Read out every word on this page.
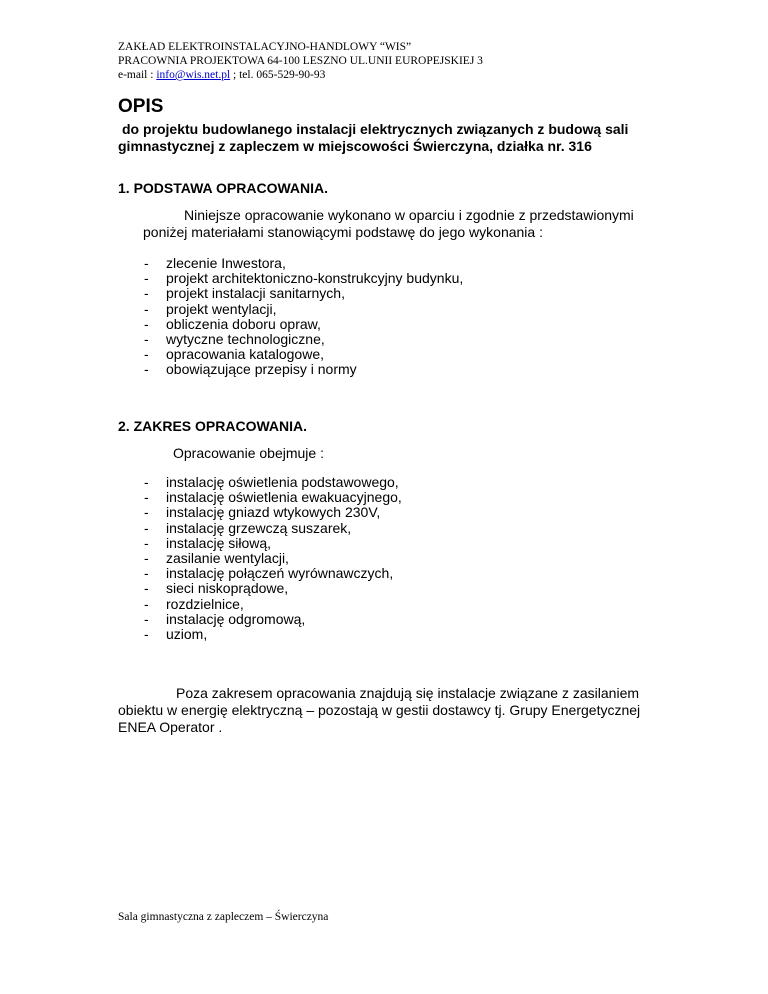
ZAKŁAD ELEKTROINSTALACYJNO-HANDLOWY “WIS”
PRACOWNIA PROJEKTOWA 64-100 LESZNO UL.UNII EUROPEJSKIEJ 3
e-mail : info@wis.net.pl ; tel. 065-529-90-93
OPIS
do projektu budowlanego instalacji elektrycznych związanych z budową sali
gimnastycznej z zapleczem w miejscowości Świerczyna, działka nr. 316
1. PODSTAWA OPRACOWANIA.
Niniejsze opracowanie wykonano w oparciu i zgodnie z przedstawionymi
poniżej materiałami stanowiącymi podstawę do jego wykonania :
- zlecenie Inwestora,
- projekt architektoniczno-konstrukcyjny budynku,
- projekt instalacji sanitarnych,
- projekt wentylacji,
- obliczenia doboru opraw,
- wytyczne technologiczne,
- opracowania katalogowe,
- obowiązujące przepisy i normy
2. ZAKRES OPRACOWANIA.
Opracowanie obejmuje :
- instalację oświetlenia podstawowego,
- instalację oświetlenia ewakuacyjnego,
- instalację gniazd wtykowych 230V,
- instalację grzewczą suszarek,
- instalację siłową,
- zasilanie wentylacji,
- instalację połączeń wyrównawczych,
- sieci niskoprądowe,
- rozdzielnice,
- instalację odgromową,
- uziom,
Poza zakresem opracowania znajdują się instalacje związane z zasilaniem
obiektu w energię elektryczną – pozostają w gestii dostawcy tj. Grupy Energetycznej
ENEA Operator .
Sala gimnastyczna z zapleczem – Świerczyna
